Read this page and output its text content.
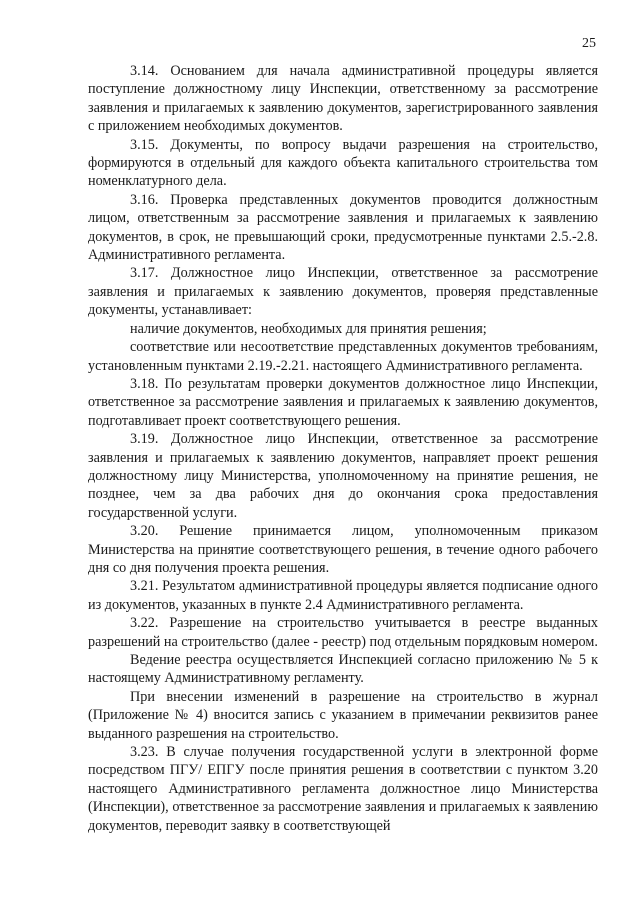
25

3.14. Основанием для начала административной процедуры является поступление должностному лицу Инспекции, ответственному за рассмотрение заявления и прилагаемых к заявлению документов, зарегистрированного заявления с приложением необходимых документов.

3.15. Документы, по вопросу выдачи разрешения на строительство, формируются в отдельный для каждого объекта капитального строительства том номенклатурного дела.

3.16. Проверка представленных документов проводится должностным лицом, ответственным за рассмотрение заявления и прилагаемых к заявлению документов, в срок, не превышающий сроки, предусмотренные пунктами 2.5.-2.8. Административного регламента.

3.17. Должностное лицо Инспекции, ответственное за рассмотрение заявления и прилагаемых к заявлению документов, проверяя представленные документы, устанавливает:

наличие документов, необходимых для принятия решения;

соответствие или несоответствие представленных документов требованиям, установленным пунктами 2.19.-2.21. настоящего Административного регламента.

3.18. По результатам проверки документов должностное лицо Инспекции, ответственное за рассмотрение заявления и прилагаемых к заявлению документов, подготавливает проект соответствующего решения.

3.19. Должностное лицо Инспекции, ответственное за рассмотрение заявления и прилагаемых к заявлению документов, направляет проект решения должностному лицу Министерства, уполномоченному на принятие решения, не позднее, чем за два рабочих дня до окончания срока предоставления государственной услуги.

3.20. Решение принимается лицом, уполномоченным приказом Министерства на принятие соответствующего решения, в течение одного рабочего дня со дня получения проекта решения.

3.21. Результатом административной процедуры является подписание одного из документов, указанных в пункте 2.4 Административного регламента.

3.22. Разрешение на строительство учитывается в реестре выданных разрешений на строительство (далее - реестр) под отдельным порядковым номером.

Ведение реестра осуществляется Инспекцией согласно приложению № 5 к настоящему Административному регламенту.

При внесении изменений в разрешение на строительство в журнал (Приложение № 4) вносится запись с указанием в примечании реквизитов ранее выданного разрешения на строительство.

3.23. В случае получения государственной услуги в электронной форме посредством ПГУ/ ЕПГУ после принятия решения в соответствии с пунктом 3.20 настоящего Административного регламента должностное лицо Министерства (Инспекции), ответственное за рассмотрение заявления и прилагаемых к заявлению документов, переводит заявку в соответствующей
